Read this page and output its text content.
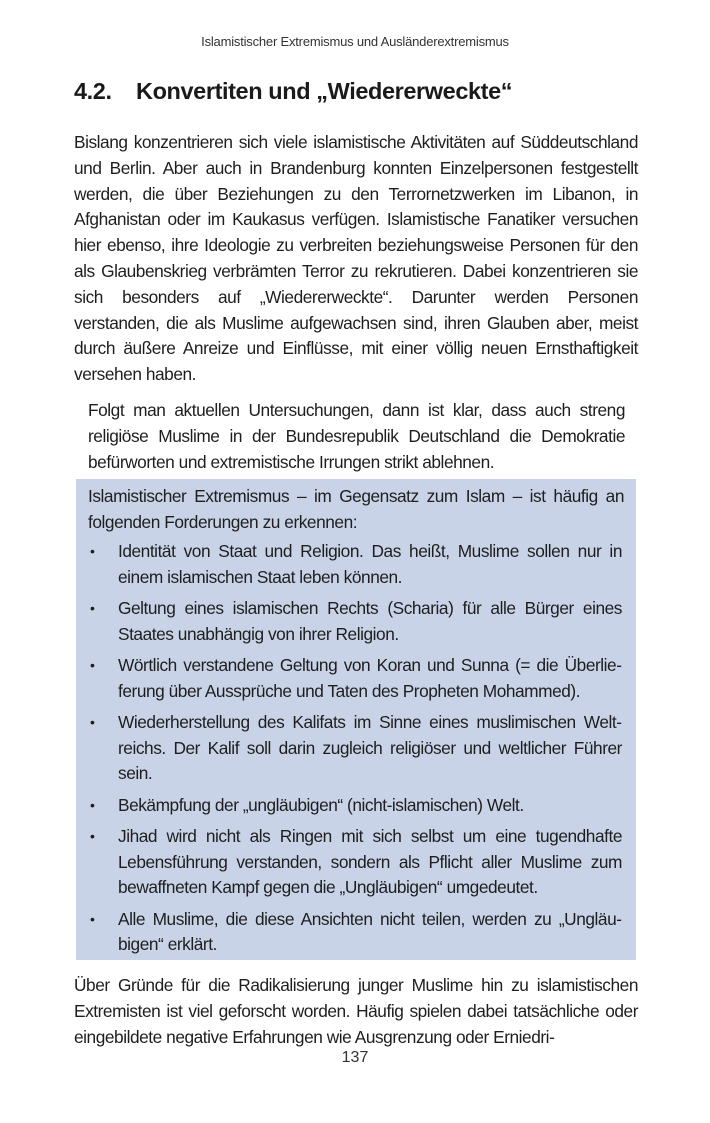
Islamistischer Extremismus und Ausländerextremismus
4.2. Konvertiten und „Wiedererweckte“

Bislang konzentrieren sich viele islamistische Aktivitäten auf Süddeutschland und Berlin. Aber auch in Brandenburg konnten Einzelpersonen festgestellt werden, die über Beziehungen zu den Terrornetzwerken im Libanon, in Afghanistan oder im Kaukasus verfügen. Islamistische Fanatiker versuchen hier ebenso, ihre Ideologie zu verbreiten beziehungsweise Personen für den als Glaubenskrieg verbrämten Terror zu rekrutieren. Dabei konzentrieren sie sich besonders auf „Wiedererweckte“. Darunter werden Personen verstanden, die als Muslime aufgewachsen sind, ihren Glauben aber, meist durch äußere Anreize und Einflüsse, mit einer völlig neuen Ernsthaftigkeit versehen haben.

Folgt man aktuellen Untersuchungen, dann ist klar, dass auch streng religiöse Muslime in der Bundesrepublik Deutschland die Demokratie befürworten und extremistische Irrungen strikt ablehnen.

Islamistischer Extremismus – im Gegensatz zum Islam – ist häufig an folgenden Forderungen zu erkennen:

• Identität von Staat und Religion. Das heißt, Muslime sollen nur in einem islamischen Staat leben können.
• Geltung eines islamischen Rechts (Scharia) für alle Bürger eines Staates unabhängig von ihrer Religion.
• Wörtlich verstandene Geltung von Koran und Sunna (= die Überlieferung über Aussprüche und Taten des Propheten Mohammed).
• Wiederherstellung des Kalifats im Sinne eines muslimischen Weltreichs. Der Kalif soll darin zugleich religiöser und weltlicher Führer sein.
• Bekämpfung der „ungläubigen“ (nicht-islamischen) Welt.
• Jihad wird nicht als Ringen mit sich selbst um eine tugendhafte Lebensführung verstanden, sondern als Pflicht aller Muslime zum bewaffneten Kampf gegen die „Ungläubigen“ umgedeutet.
• Alle Muslime, die diese Ansichten nicht teilen, werden zu „Ungläubigen“ erklärt.

Über Gründe für die Radikalisierung junger Muslime hin zu islamistischen Extremisten ist viel geforscht worden. Häufig spielen dabei tatsächliche oder eingebildete negative Erfahrungen wie Ausgrenzung oder Erniedri-

137
